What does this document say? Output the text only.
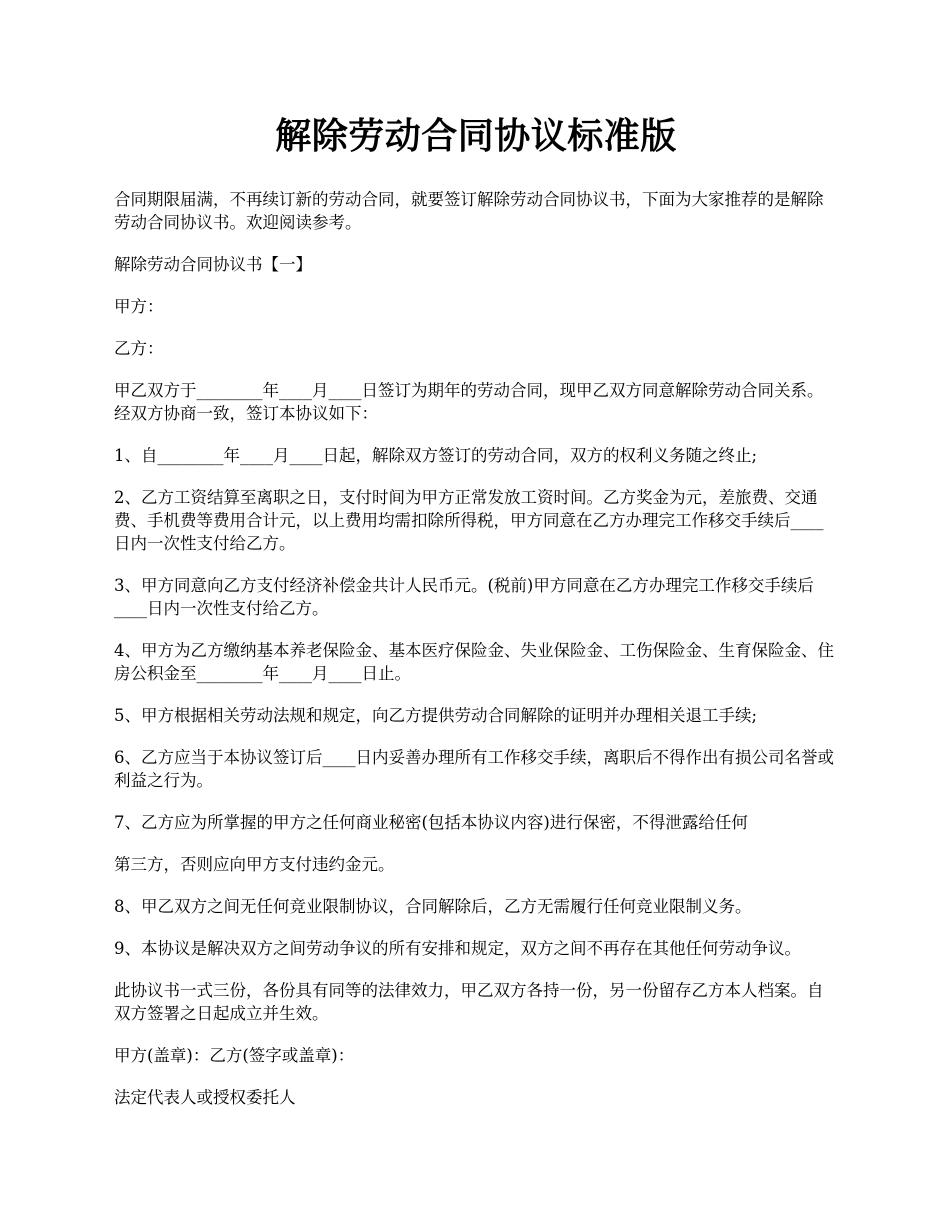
解除劳动合同协议标准版

合同期限届满，不再续订新的劳动合同，就要签订解除劳动合同协议书，下面为大家推荐的是解除劳动合同协议书。欢迎阅读参考。

解除劳动合同协议书【一】

甲方：

乙方：

甲乙双方于________年____月____日签订为期年的劳动合同，现甲乙双方同意解除劳动合同关系。经双方协商一致，签订本协议如下：

1、自________年____月____日起，解除双方签订的劳动合同，双方的权利义务随之终止;

2、乙方工资结算至离职之日，支付时间为甲方正常发放工资时间。乙方奖金为元，差旅费、交通费、手机费等费用合计元，以上费用均需扣除所得税，甲方同意在乙方办理完工作移交手续后____日内一次性支付给乙方。

3、甲方同意向乙方支付经济补偿金共计人民币元。(税前)甲方同意在乙方办理完工作移交手续后____日内一次性支付给乙方。

4、甲方为乙方缴纳基本养老保险金、基本医疗保险金、失业保险金、工伤保险金、生育保险金、住房公积金至________年____月____日止。

5、甲方根据相关劳动法规和规定，向乙方提供劳动合同解除的证明并办理相关退工手续;

6、乙方应当于本协议签订后____日内妥善办理所有工作移交手续，离职后不得作出有损公司名誉或利益之行为。

7、乙方应为所掌握的甲方之任何商业秘密(包括本协议内容)进行保密，不得泄露给任何

第三方，否则应向甲方支付违约金元。

8、甲乙双方之间无任何竞业限制协议，合同解除后，乙方无需履行任何竞业限制义务。

9、本协议是解决双方之间劳动争议的所有安排和规定，双方之间不再存在其他任何劳动争议。

此协议书一式三份，各份具有同等的法律效力，甲乙双方各持一份，另一份留存乙方本人档案。自双方签署之日起成立并生效。

甲方(盖章)：乙方(签字或盖章)：

法定代表人或授权委托人
